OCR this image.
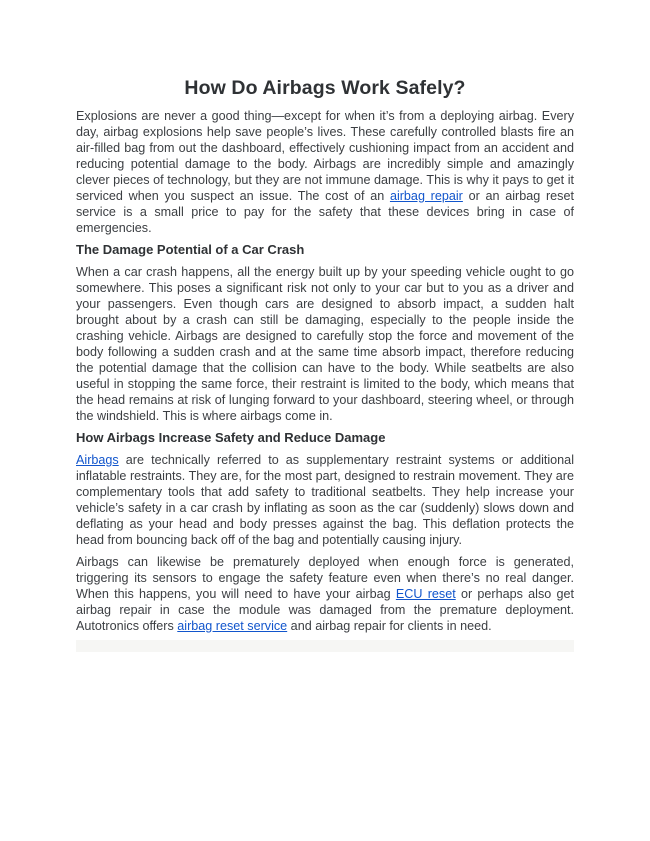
How Do Airbags Work Safely?

Explosions are never a good thing—except for when it’s from a deploying airbag. Every day, airbag explosions help save people’s lives. These carefully controlled blasts fire an air-filled bag from out the dashboard, effectively cushioning impact from an accident and reducing potential damage to the body. Airbags are incredibly simple and amazingly clever pieces of technology, but they are not immune damage. This is why it pays to get it serviced when you suspect an issue. The cost of an airbag repair or an airbag reset service is a small price to pay for the safety that these devices bring in case of emergencies.

The Damage Potential of a Car Crash

When a car crash happens, all the energy built up by your speeding vehicle ought to go somewhere. This poses a significant risk not only to your car but to you as a driver and your passengers. Even though cars are designed to absorb impact, a sudden halt brought about by a crash can still be damaging, especially to the people inside the crashing vehicle. Airbags are designed to carefully stop the force and movement of the body following a sudden crash and at the same time absorb impact, therefore reducing the potential damage that the collision can have to the body. While seatbelts are also useful in stopping the same force, their restraint is limited to the body, which means that the head remains at risk of lunging forward to your dashboard, steering wheel, or through the windshield. This is where airbags come in.

How Airbags Increase Safety and Reduce Damage

Airbags are technically referred to as supplementary restraint systems or additional inflatable restraints. They are, for the most part, designed to restrain movement. They are complementary tools that add safety to traditional seatbelts. They help increase your vehicle’s safety in a car crash by inflating as soon as the car (suddenly) slows down and deflating as your head and body presses against the bag. This deflation protects the head from bouncing back off of the bag and potentially causing injury.

Airbags can likewise be prematurely deployed when enough force is generated, triggering its sensors to engage the safety feature even when there’s no real danger. When this happens, you will need to have your airbag ECU reset or perhaps also get airbag repair in case the module was damaged from the premature deployment. Autotronics offers airbag reset service and airbag repair for clients in need.
